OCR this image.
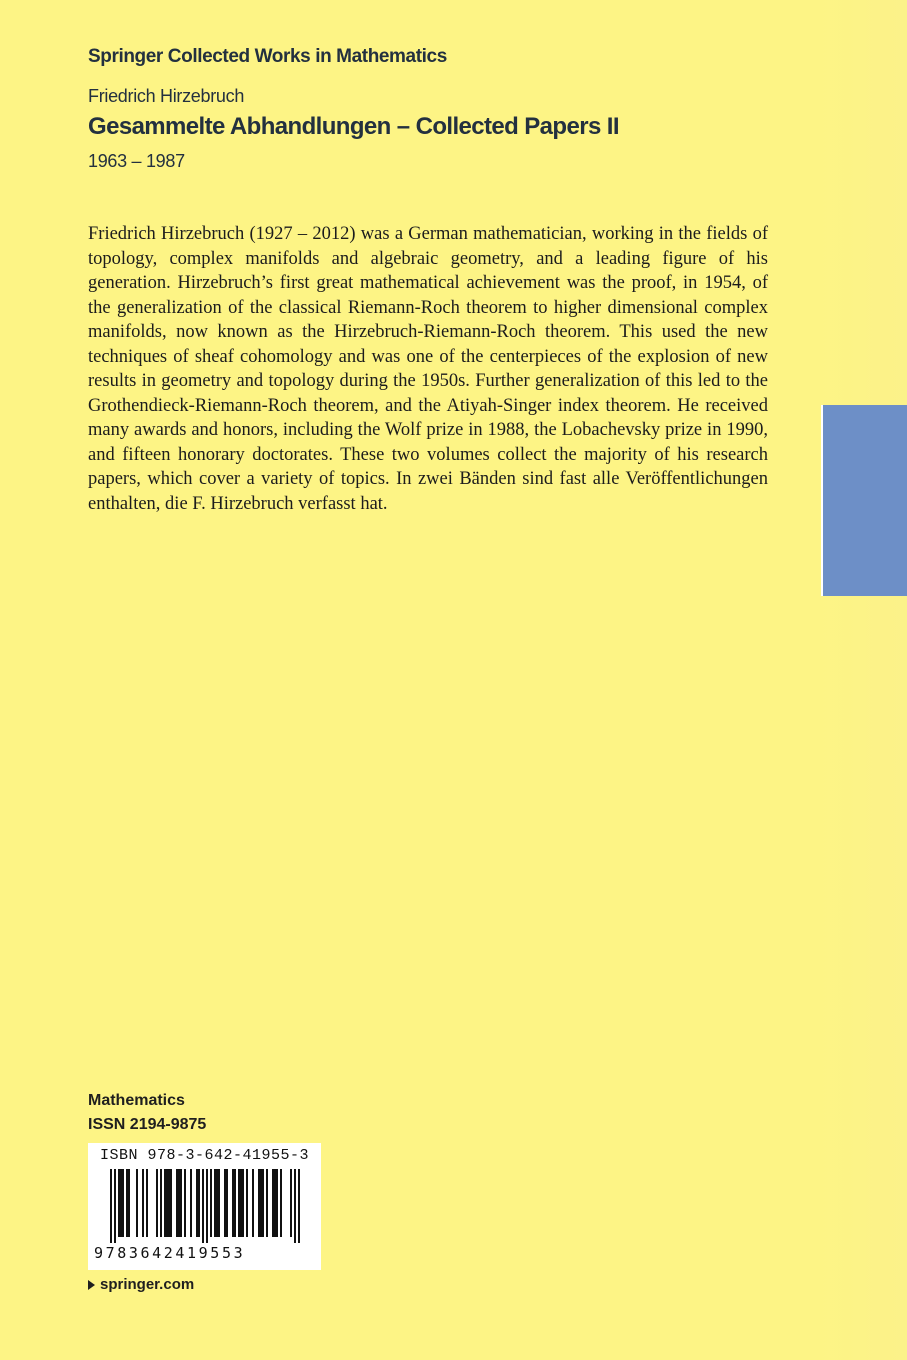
Springer Collected Works in Mathematics
Friedrich Hirzebruch
Gesammelte Abhandlungen – Collected Papers II
1963 – 1987

Friedrich Hirzebruch (1927 – 2012) was a German mathematician, working in the fields of topology, complex manifolds and algebraic geometry, and a leading figure of his generation. Hirzebruch’s first great mathematical achievement was the proof, in 1954, of the generalization of the classical Riemann-Roch theorem to higher dimensional complex manifolds, now known as the Hirzebruch-Riemann-Roch theorem. This used the new techniques of sheaf cohomology and was one of the centerpieces of the explosion of new results in geometry and topology during the 1950s. Further generalization of this led to the Grothendieck-Riemann-Roch theorem, and the Atiyah-Singer index theorem. He received many awards and honors, including the Wolf prize in 1988, the Lobachevsky prize in 1990, and fifteen honorary doctorates. These two volumes collect the majority of his research papers, which cover a variety of topics. In zwei Bänden sind fast alle Veröffentlichungen enthalten, die F. Hirzebruch verfasst hat.

Mathematics
ISSN 2194-9875
ISBN 978-3-642-41955-3
9783642419553
springer.com
